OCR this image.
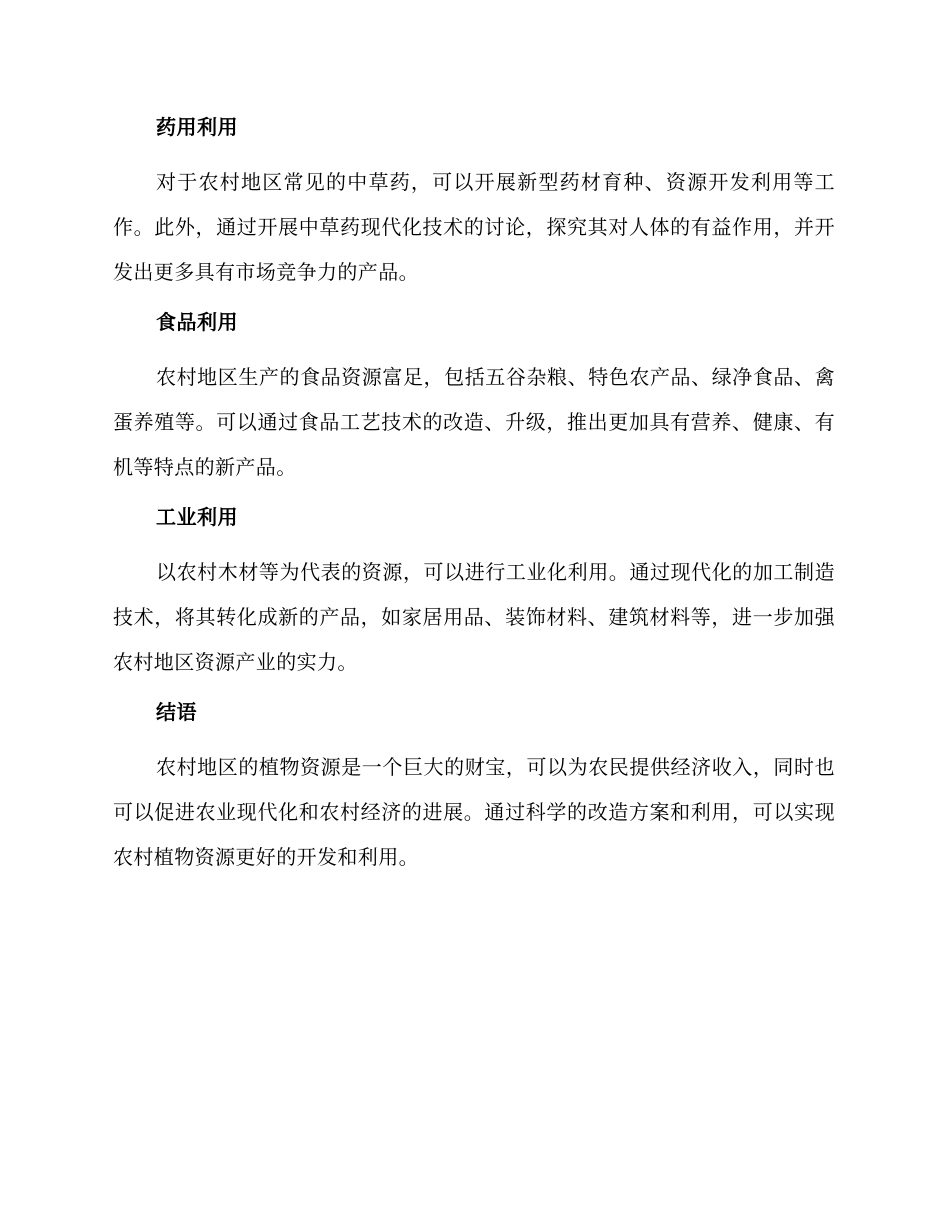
药用利用

对于农村地区常见的中草药，可以开展新型药材育种、资源开发利用等工作。此外，通过开展中草药现代化技术的讨论，探究其对人体的有益作用，并开发出更多具有市场竞争力的产品。

食品利用

农村地区生产的食品资源富足，包括五谷杂粮、特色农产品、绿净食品、禽蛋养殖等。可以通过食品工艺技术的改造、升级，推出更加具有营养、健康、有机等特点的新产品。

工业利用

以农村木材等为代表的资源，可以进行工业化利用。通过现代化的加工制造技术，将其转化成新的产品，如家居用品、装饰材料、建筑材料等，进一步加强农村地区资源产业的实力。

结语

农村地区的植物资源是一个巨大的财宝，可以为农民提供经济收入，同时也可以促进农业现代化和农村经济的进展。通过科学的改造方案和利用，可以实现农村植物资源更好的开发和利用。
